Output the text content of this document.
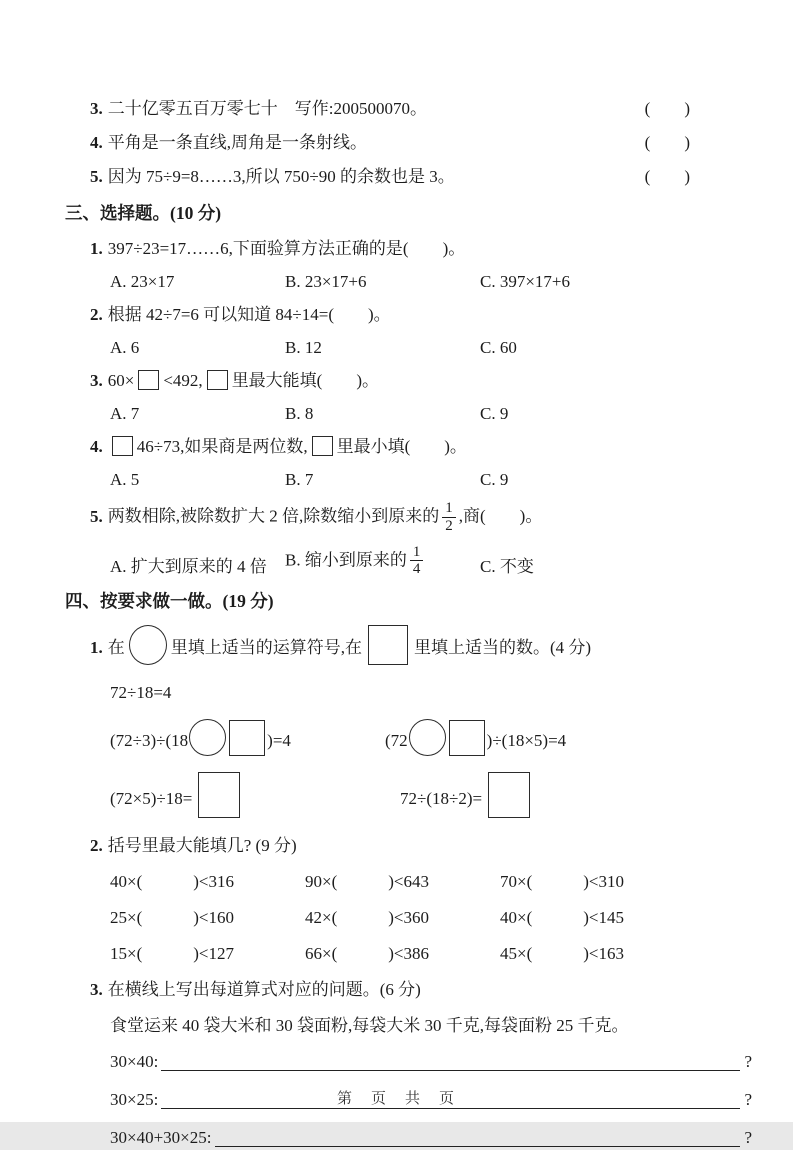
3. 二十亿零五百万零七十　写作:200500070。	(　　)
4. 平角是一条直线,周角是一条射线。	(　　)
5. 因为 75÷9=8……3,所以 750÷90 的余数也是 3。	(　　)
三、选择题。(10 分)
1. 397÷23=17……6,下面验算方法正确的是(　　)。
A. 23×17	B. 23×17+6	C. 397×17+6
2. 根据 42÷7=6 可以知道 84÷14=(　　)。
A. 6	B. 12	C. 60
3. 60× <492, 里最大能填(　　)。
A. 7	B. 8	C. 9
4. 46÷73,如果商是两位数, 里最小填(　　)。
A. 5	B. 7	C. 9
5. 两数相除,被除数扩大 2 倍,除数缩小到原来的 $\frac{1}{2}$ ,商(　　)。
A. 扩大到原来的 4 倍	B. 缩小到原来的 $\frac{1}{4}$	C. 不变
四、按要求做一做。(19 分)
1. 在	里填上适当的运算符号,在	里填上适当的数。(4 分)
72÷18=4
(72÷3)÷(18	)=4	(72	)÷(18×5)=4
(72×5)÷18=	72÷(18÷2)=
2. 括号里最大能填几? (9 分)
40×(　　　)<316	90×(　　　)<643	70×(　　　)<310
25×(　　　)<160	42×(　　　)<360	40×(　　　)<145
15×(　　　)<127	66×(　　　)<386	45×(　　　)<163
3. 在横线上写出每道算式对应的问题。(6 分)
食堂运来 40 袋大米和 30 袋面粉,每袋大米 30 千克,每袋面粉 25 千克。
30×40:	?
30×25:	?
30×40+30×25:	?
第　页　共　页
